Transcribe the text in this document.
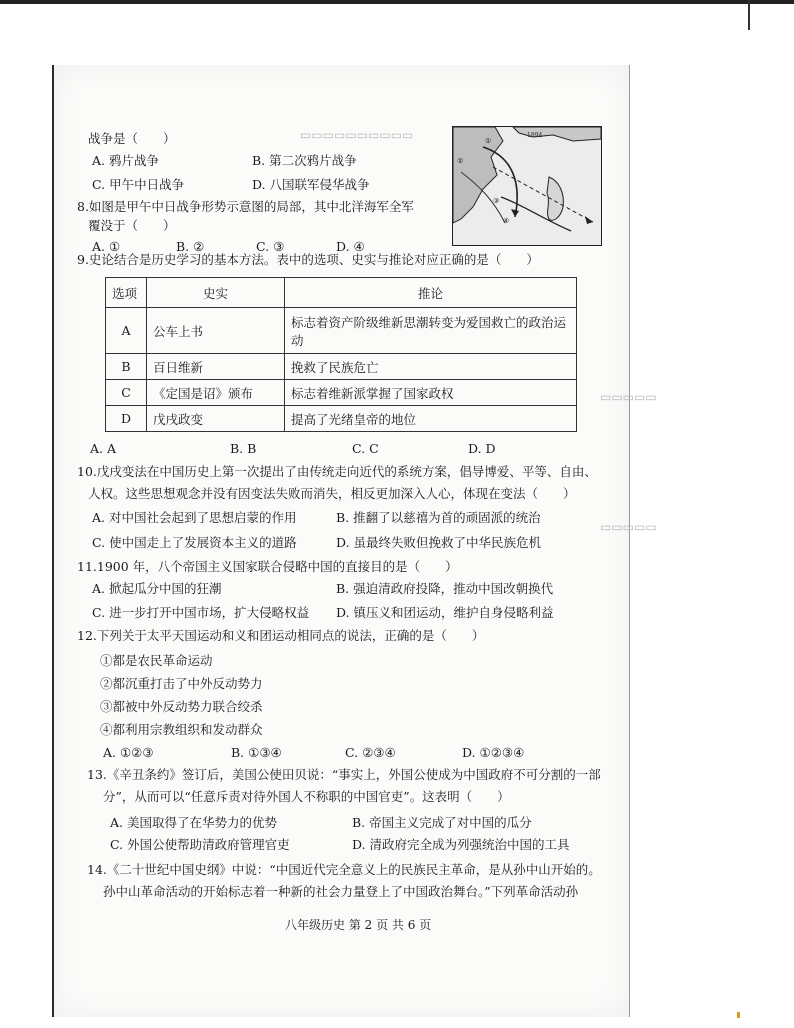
▭▭▭▭▭▭▭▭▭▭
▭▭▭▭▭
▭▭▭▭▭
战争是（　　）
A. 鸦片战争	B. 第二次鸦片战争
C. 甲午中日战争	D. 八国联军侵华战争
8.如图是甲午中日战争形势示意图的局部，其中北洋海军全军
覆没于（　　）
A. ①	B. ②	C. ③	D. ④
1894
②
①
③
④
9.史论结合是历史学习的基本方法。表中的选项、史实与推论对应正确的是（　　）
选项	史实	推论
A	公车上书	标志着资产阶级维新思潮转变为爱国救亡的政治运动
B	百日维新	挽救了民族危亡
C	《定国是诏》颁布	标志着维新派掌握了国家政权
D	戊戌政变	提高了光绪皇帝的地位
A. A	B. B	C. C	D. D
10.戊戌变法在中国历史上第一次提出了由传统走向近代的系统方案，倡导博爱、平等、自由、
人权。这些思想观念并没有因变法失败而消失，相反更加深入人心，体现在变法（　　）
A. 对中国社会起到了思想启蒙的作用	B. 推翻了以慈禧为首的顽固派的统治
C. 使中国走上了发展资本主义的道路	D. 虽最终失败但挽救了中华民族危机
11.1900 年，八个帝国主义国家联合侵略中国的直接目的是（　　）
A. 掀起瓜分中国的狂潮	B. 强迫清政府投降，推动中国改朝换代
C. 进一步打开中国市场，扩大侵略权益 D. 镇压义和团运动，维护自身侵略利益
12.下列关于太平天国运动和义和团运动相同点的说法，正确的是（　　）
①都是农民革命运动
②都沉重打击了中外反动势力
③都被中外反动势力联合绞杀
④都利用宗教组织和发动群众
A. ①②③	B. ①③④	C. ②③④	D. ①②③④
13.《辛丑条约》签订后，美国公使田贝说：“事实上，外国公使成为中国政府不可分割的一部
分”，从而可以“任意斥责对待外国人不称职的中国官吏”。这表明（　　）
A. 美国取得了在华势力的优势	B. 帝国主义完成了对中国的瓜分
C. 外国公使帮助清政府管理官吏	D. 清政府完全成为列强统治中国的工具
14.《二十世纪中国史纲》中说：“中国近代完全意义上的民族民主革命，是从孙中山开始的。
孙中山革命活动的开始标志着一种新的社会力量登上了中国政治舞台。”下列革命活动孙
八年级历史 第 2 页 共 6 页
